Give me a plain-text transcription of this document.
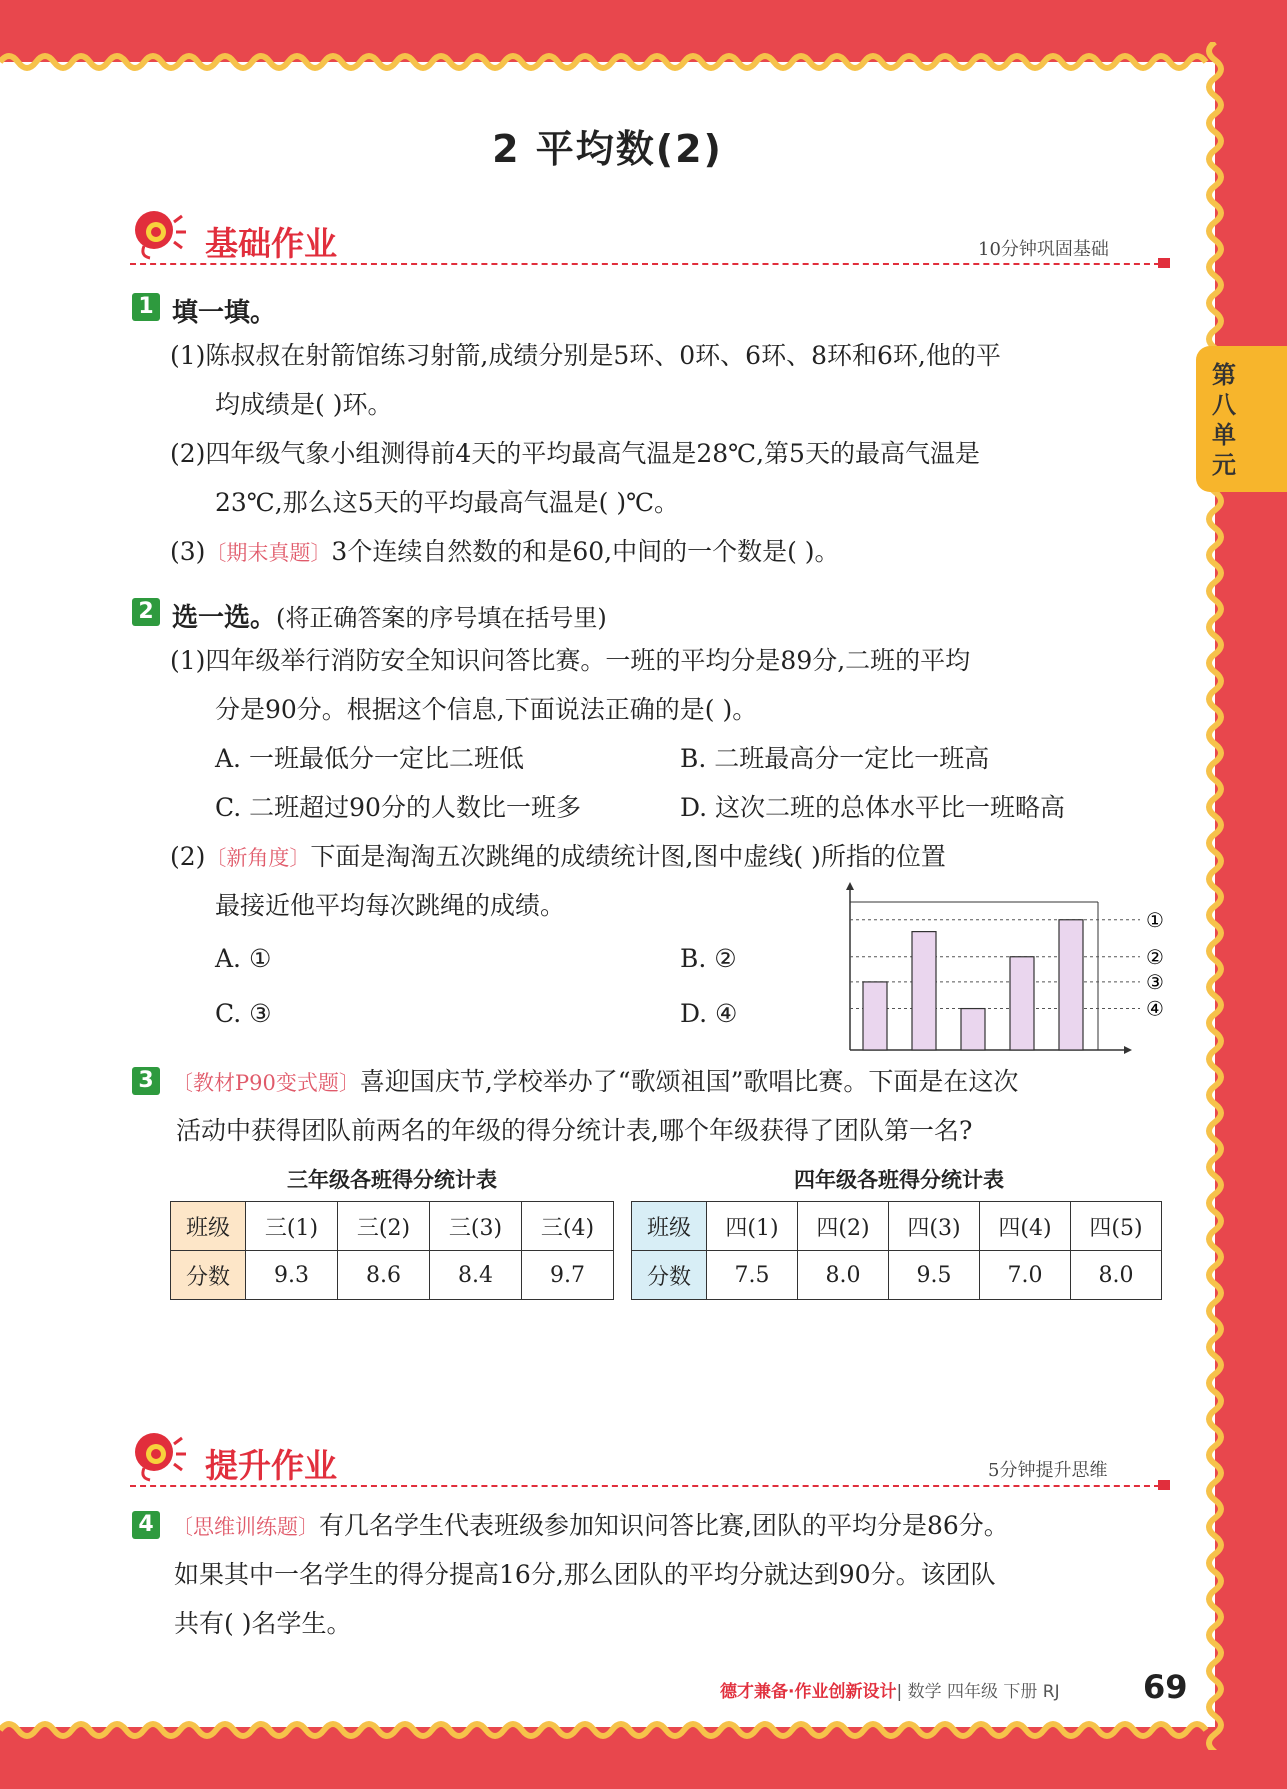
第八单元
2 平均数(2)
基础作业	10分钟巩固基础
1 填一填。
(1)陈叔叔在射箭馆练习射箭,成绩分别是5环、0环、6环、8环和6环,他的平
均成绩是( )环。
(2)四年级气象小组测得前4天的平均最高气温是28℃,第5天的最高气温是
23℃,那么这5天的平均最高气温是( )℃。
(3)〔期末真题〕3个连续自然数的和是60,中间的一个数是( )。
2 选一选。(将正确答案的序号填在括号里)
(1)四年级举行消防安全知识问答比赛。一班的平均分是89分,二班的平均
分是90分。根据这个信息,下面说法正确的是( )。
A. 一班最低分一定比二班低	B. 二班最高分一定比一班高
C. 二班超过90分的人数比一班多	D. 这次二班的总体水平比一班略高
(2)〔新角度〕下面是淘淘五次跳绳的成绩统计图,图中虚线( )所指的位置
最接近他平均每次跳绳的成绩。
A. ①	B. ②
C. ③	D. ④
①
②
③
④
3 〔教材P90变式题〕喜迎国庆节,学校举办了“歌颂祖国”歌唱比赛。下面是在这次
活动中获得团队前两名的年级的得分统计表,哪个年级获得了团队第一名?
三年级各班得分统计表	四年级各班得分统计表
班级	三(1)	三(2)	三(3)	三(4)
分数	9.3	8.6	8.4	9.7
班级	四(1)	四(2)	四(3)	四(4)	四(5)
分数	7.5	8.0	9.5	7.0	8.0
提升作业	5分钟提升思维
4 〔思维训练题〕有几名学生代表班级参加知识问答比赛,团队的平均分是86分。
如果其中一名学生的得分提高16分,那么团队的平均分就达到90分。该团队
共有( )名学生。
德才兼备·作业创新设计| 数学 四年级 下册 RJ	69
